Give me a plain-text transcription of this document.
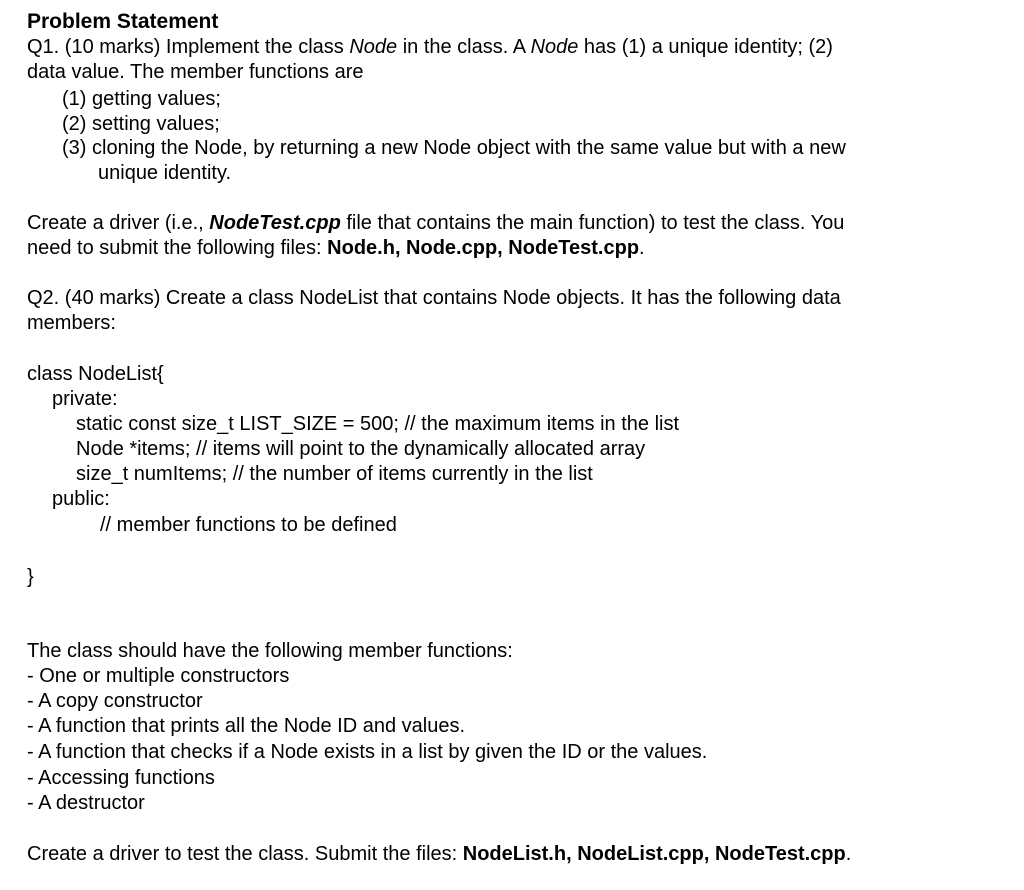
Problem Statement
Q1. (10 marks) Implement the class Node in the class. A Node has (1) a unique identity; (2)
data value. The member functions are
(1) getting values;
(2) setting values;
(3) cloning the Node, by returning a new Node object with the same value but with a new
unique identity.
Create a driver (i.e., NodeTest.cpp file that contains the main function) to test the class. You
need to submit the following files: Node.h, Node.cpp, NodeTest.cpp.
Q2. (40 marks) Create a class NodeList that contains Node objects. It has the following data
members:
class NodeList{
private:
static const size_t LIST_SIZE = 500; // the maximum items in the list
Node *items; // items will point to the dynamically allocated array
size_t numItems; // the number of items currently in the list
public:
// member functions to be defined
}
The class should have the following member functions:
- One or multiple constructors
- A copy constructor
- A function that prints all the Node ID and values.
- A function that checks if a Node exists in a list by given the ID or the values.
- Accessing functions
- A destructor
Create a driver to test the class. Submit the files: NodeList.h, NodeList.cpp, NodeTest.cpp.
